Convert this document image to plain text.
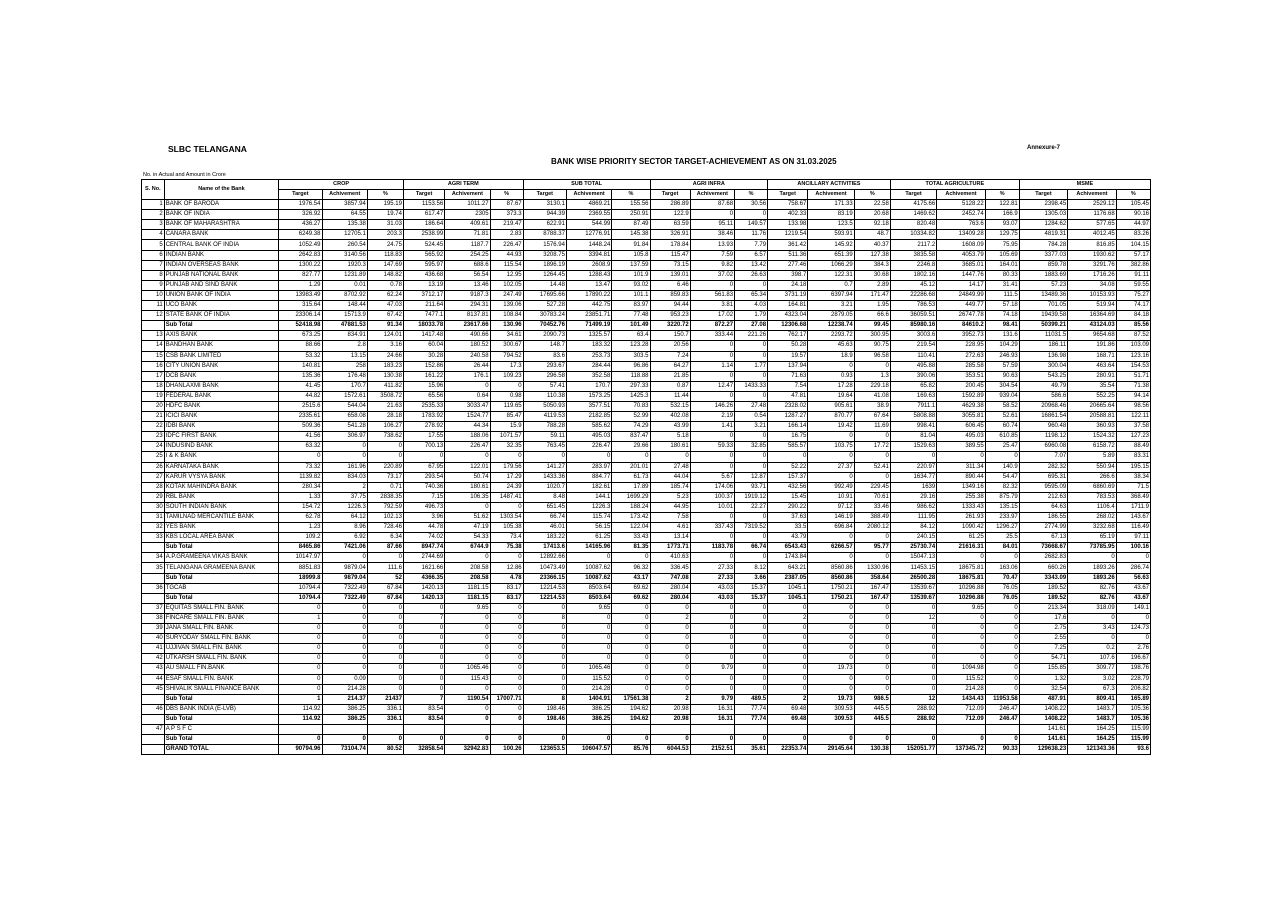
SLBC TELANGANA	Annexure-7
BANK WISE PRIORITY SECTOR TARGET-ACHIEVEMENT AS ON 31.03.2025
No. in Actual and Amount in Crore
S. No.	Name of the Bank	CROP			AGRI TERM			SUB TOTAL			AGRI INFRA			ANCILLARY ACTIVITIES			TOTAL AGRICULTURE			MSME		
		Target	Achivement	%	Target	Achivement	%	Target	Achivement	%	Target	Achivement	%	Target	Achivement	%	Target	Achivement	%	Target	Achivement	%
1	BANK OF BARODA	1976.54	3857.94	195.19	1153.56	1011.27	87.67	3130.1	4869.21	155.56	286.89	87.68	30.56	758.67	171.33	22.58	4175.66	5128.22	122.81	2398.45	2529.12	105.45
2	BANK OF INDIA	326.92	64.55	19.74	617.47	2305	373.3	944.39	2369.55	250.91	122.9	0	0	402.33	83.19	20.68	1469.62	2452.74	166.9	1305.03	1176.68	90.16
3	BANK OF MAHARASHTRA	436.27	135.38	31.03	186.64	409.61	219.47	622.91	544.99	87.49	63.59	95.11	149.57	133.98	123.5	92.18	820.48	763.6	93.07	1284.62	577.65	44.97
4	CANARA BANK	6249.38	12705.1	203.3	2538.99	71.81	2.83	8788.37	12776.91	145.38	326.91	38.46	11.76	1219.54	593.91	48.7	10334.82	13409.28	129.75	4819.31	4012.45	83.26
5	CENTRAL BANK OF INDIA	1052.49	260.54	24.75	524.45	1187.7	226.47	1576.94	1448.24	91.84	178.84	13.93	7.79	361.42	145.92	40.37	2117.2	1608.09	75.95	784.28	816.85	104.15
6	INDIAN BANK	2642.83	3140.56	118.83	565.92	254.25	44.93	3208.75	3394.81	105.8	115.47	7.59	6.57	511.36	651.39	127.38	3835.58	4053.79	105.69	3377.03	1930.62	57.17
7	INDIAN OVERSEAS BANK	1300.22	1920.3	147.69	595.97	688.6	115.54	1896.19	2608.9	137.59	73.15	9.82	13.42	277.46	1066.29	384.3	2246.8	3685.01	164.01	859.78	3291.76	382.86
8	PUNJAB NATIONAL BANK	827.77	1231.89	148.82	436.68	56.54	12.95	1264.45	1288.43	101.9	139.01	37.02	26.63	398.7	122.31	30.68	1802.16	1447.76	80.33	1883.69	1716.26	91.11
9	PUNJAB AND SIND BANK	1.29	0.01	0.78	13.19	13.46	102.05	14.48	13.47	93.02	6.46	0	0	24.18	0.7	2.89	45.12	14.17	31.41	57.23	34.08	59.55
10	UNION BANK OF INDIA	13983.49	8702.92	62.24	3712.17	9187.3	247.49	17695.66	17890.22	101.1	859.83	561.83	65.34	3731.19	6397.94	171.47	22286.68	24849.99	111.5	13489.36	10153.93	75.27
11	UCO BANK	315.64	148.44	47.03	211.64	294.31	139.06	527.28	442.75	83.97	94.44	3.81	4.03	164.81	3.21	1.95	786.53	449.77	57.18	701.05	519.94	74.17
12	STATE BANK OF INDIA	23306.14	15713.9	67.42	7477.1	8137.81	108.84	30783.24	23851.71	77.48	953.23	17.02	1.79	4323.04	2879.05	66.6	36059.51	26747.78	74.18	19439.58	16364.69	84.18
	Sub Total	52418.98	47881.53	91.34	18033.78	23617.66	130.96	70452.76	71499.19	101.49	3220.72	872.27	27.08	12306.68	12238.74	99.45	85980.16	84610.2	98.41	50399.21	43124.03	85.56
13	AXIS BANK	673.25	834.91	124.01	1417.48	490.66	34.61	2090.73	1325.57	63.4	150.7	333.44	221.26	762.17	2293.72	300.95	3003.6	3952.73	131.6	11031.5	9654.68	87.52
14	BANDHAN BANK	88.66	2.8	3.16	60.04	180.52	300.67	148.7	183.32	123.28	20.56	0	0	50.28	45.63	90.75	219.54	228.95	104.29	186.11	191.86	103.09
15	CSB BANK LIMITED	53.32	13.15	24.66	30.28	240.58	794.52	83.6	253.73	303.5	7.24	0	0	19.57	18.9	96.58	110.41	272.63	246.93	136.98	168.71	123.16
16	CITY UNION BANK	140.81	258	183.23	152.86	26.44	17.3	293.67	284.44	96.86	64.27	1.14	1.77	137.94	0	0	495.88	285.58	57.59	300.04	463.64	154.53
17	DCB BANK	135.36	176.48	130.38	161.22	176.1	109.23	296.58	352.58	118.88	21.85	0	0	71.63	0.93	1.3	390.06	353.51	90.63	543.25	280.91	51.71
18	DHANLAXMI BANK	41.45	170.7	411.82	15.96	0	0	57.41	170.7	297.33	0.87	12.47	1433.33	7.54	17.28	229.18	65.82	200.45	304.54	49.79	35.54	71.38
19	FEDERAL BANK	44.82	1572.61	3508.72	65.56	0.64	0.98	110.38	1573.25	1425.3	11.44	0	0	47.81	19.64	41.08	169.63	1592.89	939.04	586.6	552.25	94.14
20	HDFC BANK	2515.6	544.04	21.63	2535.33	3033.47	119.65	5050.93	3577.51	70.83	532.15	146.26	27.48	2328.02	905.61	38.9	7911.1	4629.38	58.52	20968.46	20665.64	98.56
21	ICICI BANK	2335.61	658.08	28.18	1783.92	1524.77	85.47	4119.53	2182.85	52.99	402.08	2.19	0.54	1287.27	870.77	67.64	5808.88	3055.81	52.61	16861.54	20588.81	122.11
22	IDBI BANK	509.36	541.28	106.27	278.92	44.34	15.9	788.28	585.62	74.29	43.99	1.41	3.21	166.14	19.42	11.69	998.41	606.45	60.74	960.48	360.93	37.58
23	IDFC FIRST BANK	41.56	306.97	738.62	17.55	188.06	1071.57	59.11	495.03	837.47	5.18	0	0	16.75	0	0	81.04	495.03	610.85	1198.12	1524.32	127.23
24	INDUSIND BANK	63.32	0	0	700.13	226.47	32.35	763.45	226.47	29.66	180.61	59.33	32.85	585.57	103.75	17.72	1529.63	389.55	25.47	6960.08	6158.72	88.49
25	I & K BANK	0	0	0	0	0	0	0	0	0	0	0	0	0	0	0	0	0	0	7.07	5.89	83.31
26	KARNATAKA BANK	73.32	161.96	220.89	67.95	122.01	179.56	141.27	283.97	201.01	27.48	0	0	52.22	27.37	52.41	220.97	311.34	140.9	282.32	550.94	195.15
27	KARUR VYSYA BANK	1139.82	834.03	73.17	293.54	50.74	17.29	1433.36	884.77	61.73	44.04	5.67	12.87	157.37	0	0	1634.77	890.44	54.47	695.31	266.6	38.34
28	KOTAK MAHINDRA BANK	280.34	2	0.71	740.36	180.61	24.39	1020.7	182.61	17.89	185.74	174.06	93.71	432.56	992.49	229.45	1639	1349.16	82.32	9595.09	6860.69	71.5
29	RBL BANK	1.33	37.75	2838.35	7.15	106.35	1487.41	8.48	144.1	1699.29	5.23	100.37	1919.12	15.45	10.91	70.61	29.16	255.38	875.79	212.63	783.53	368.49
30	SOUTH INDIAN BANK	154.72	1226.3	792.59	496.73	0	0	651.45	1226.3	188.24	44.95	10.01	22.27	290.22	97.12	33.46	986.62	1333.43	135.15	64.63	1106.4	1711.9
31	TAMILNAD MERCANTILE BANK	62.78	64.12	102.13	3.96	51.62	1303.54	66.74	115.74	173.42	7.58	0	0	37.63	146.19	388.49	111.95	261.93	233.97	186.55	268.02	143.67
32	YES BANK	1.23	8.96	728.46	44.78	47.19	105.38	46.01	56.15	122.04	4.61	337.43	7319.52	33.5	696.84	2080.12	84.12	1090.42	1296.27	2774.99	3232.68	116.49
33	KBS LOCAL AREA BANK	109.2	6.92	6.34	74.02	54.33	73.4	183.22	61.25	33.43	13.14	0	0	43.79	0	0	240.15	61.25	25.5	67.13	65.19	97.11
	Sub Total	8465.86	7421.06	87.66	8947.74	6744.9	75.38	17413.6	14165.96	81.35	1773.71	1183.78	66.74	6543.43	6266.57	95.77	25730.74	21616.31	84.01	73668.67	73785.95	100.16
34	A.P.GRAMEENA VIKAS BANK	10147.97	0	0	2744.69	0	0	12892.66	0	0	410.63	0	0	1743.84	0	0	15047.13	0	0	2682.83	0	0
35	TELANGANA GRAMEENA BANK	8851.83	9879.04	111.6	1621.66	208.58	12.86	10473.49	10087.62	96.32	336.45	27.33	8.12	643.21	8560.86	1330.96	11453.15	18675.81	163.06	660.26	1893.26	286.74
	Sub Total	18999.8	9879.04	52	4366.35	208.58	4.78	23366.15	10087.62	43.17	747.08	27.33	3.66	2387.05	8560.86	358.64	26500.28	18675.81	70.47	3343.09	1893.26	56.63
36	TGCAB	10794.4	7322.49	67.84	1420.13	1181.15	83.17	12214.53	8503.64	69.62	280.04	43.03	15.37	1045.1	1750.21	167.47	13539.67	10296.88	76.05	189.52	82.76	43.67
	Sub Total	10794.4	7322.49	67.84	1420.13	1181.15	83.17	12214.53	8503.64	69.62	280.04	43.03	15.37	1045.1	1750.21	167.47	13539.67	10296.88	76.05	189.52	82.76	43.67
37	EQUITAS SMALL FIN. BANK	0	0	0	0	9.65	0	0	9.65	0	0	0	0	0	0	0	0	9.65	0	213.34	318.09	149.1
38	FINCARE SMALL FIN. BANK	1	0	0	7	0	0	8	0	0	2	0	0	2	0	0	12	0	0	17.6	0	0
39	JANA SMALL FIN. BANK	0	0	0	0	0	0	0	0	0	0	0	0	0	0	0	0	0	0	2.75	3.43	124.73
40	SURYODAY SMALL FIN. BANK	0	0	0	0	0	0	0	0	0	0	0	0	0	0	0	0	0	0	2.55	0	0
41	UJJIVAN SMALL FIN. BANK	0	0	0	0	0	0	0	0	0	0	0	0	0	0	0	0	0	0	7.25	0.2	2.76
42	UTKARSH SMALL FIN. BANK	0	0	0	0	0	0	0	0	0	0	0	0	0	0	0	0	0	0	54.71	107.6	196.67
43	AU SMALL FIN.BANK	0	0	0	0	1065.46	0	0	1065.46	0	0	9.79	0	0	19.73	0	0	1094.98	0	155.85	309.77	198.76
44	ESAF SMALL FIN. BANK	0	0.09	0	0	115.43	0	0	115.52	0	0	0	0	0	0	0	0	115.52	0	1.32	3.02	228.79
45	SHIVALIK SMALL FINANCE BANK	0	214.28	0	0	0	0	0	214.28	0	0	0	0	0	0	0	0	214.28	0	32.54	67.3	206.82
	Sub Total	1	214.37	21437	7	1190.54	17007.71	8	1404.91	17561.38	2	9.79	489.5	2	19.73	986.5	12	1434.43	11953.58	487.91	809.41	165.89
46	DBS BANK INDIA (E-LVB)	114.92	386.25	336.1	83.54	0	0	198.46	386.25	194.62	20.98	16.31	77.74	69.48	309.53	445.5	288.92	712.09	246.47	1408.22	1483.7	105.36
	Sub Total	114.92	386.25	336.1	83.54	0	0	198.46	386.25	194.62	20.98	16.31	77.74	69.48	309.53	445.5	288.92	712.09	246.47	1408.22	1483.7	105.36
47	A P S F C																			141.61	164.25	115.99
	Sub Total	0	0	0	0	0	0	0	0	0	0	0	0	0	0	0	0	0	0	141.61	164.25	115.99
	GRAND TOTAL	90794.96	73104.74	80.52	32858.54	32942.83	100.26	123653.5	106047.57	85.76	6044.53	2152.51	35.61	22353.74	29145.64	130.38	152051.77	137345.72	90.33	129638.23	121343.36	93.6
